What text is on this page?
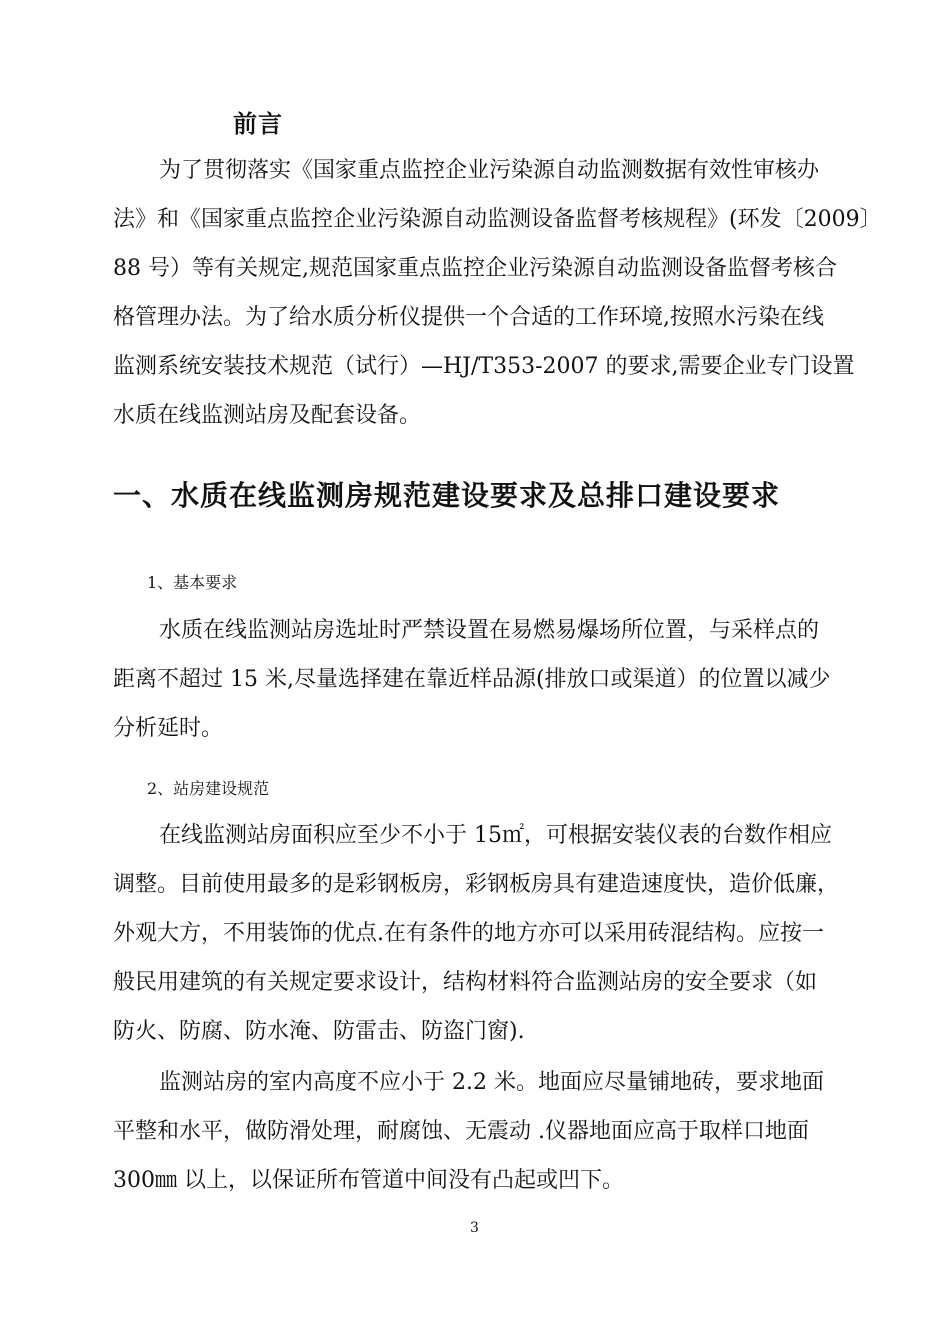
前言
为了贯彻落实《国家重点监控企业污染源自动监测数据有效性审核办
法》和《国家重点监控企业污染源自动监测设备监督考核规程》(环发〔2009〕
88 号）等有关规定,规范国家重点监控企业污染源自动监测设备监督考核合
格管理办法。为了给水质分析仪提供一个合适的工作环境,按照水污染在线
监测系统安装技术规范（试行）—HJ/T353-2007 的要求,需要企业专门设置
水质在线监测站房及配套设备。
一、水质在线监测房规范建设要求及总排口建设要求
1、基本要求
水质在线监测站房选址时严禁设置在易燃易爆场所位置，与采样点的
距离不超过 15 米,尽量选择建在靠近样品源(排放口或渠道）的位置以减少
分析延时。
2、站房建设规范
在线监测站房面积应至少不小于 15㎡，可根据安装仪表的台数作相应
调整。目前使用最多的是彩钢板房，彩钢板房具有建造速度快，造价低廉，
外观大方，不用装饰的优点.在有条件的地方亦可以采用砖混结构。应按一
般民用建筑的有关规定要求设计，结构材料符合监测站房的安全要求（如
防火、防腐、防水淹、防雷击、防盗门窗).
监测站房的室内高度不应小于 2.2 米。地面应尽量铺地砖，要求地面
平整和水平，做防滑处理，耐腐蚀、无震动 .仪器地面应高于取样口地面
300㎜ 以上，以保证所布管道中间没有凸起或凹下。
3
